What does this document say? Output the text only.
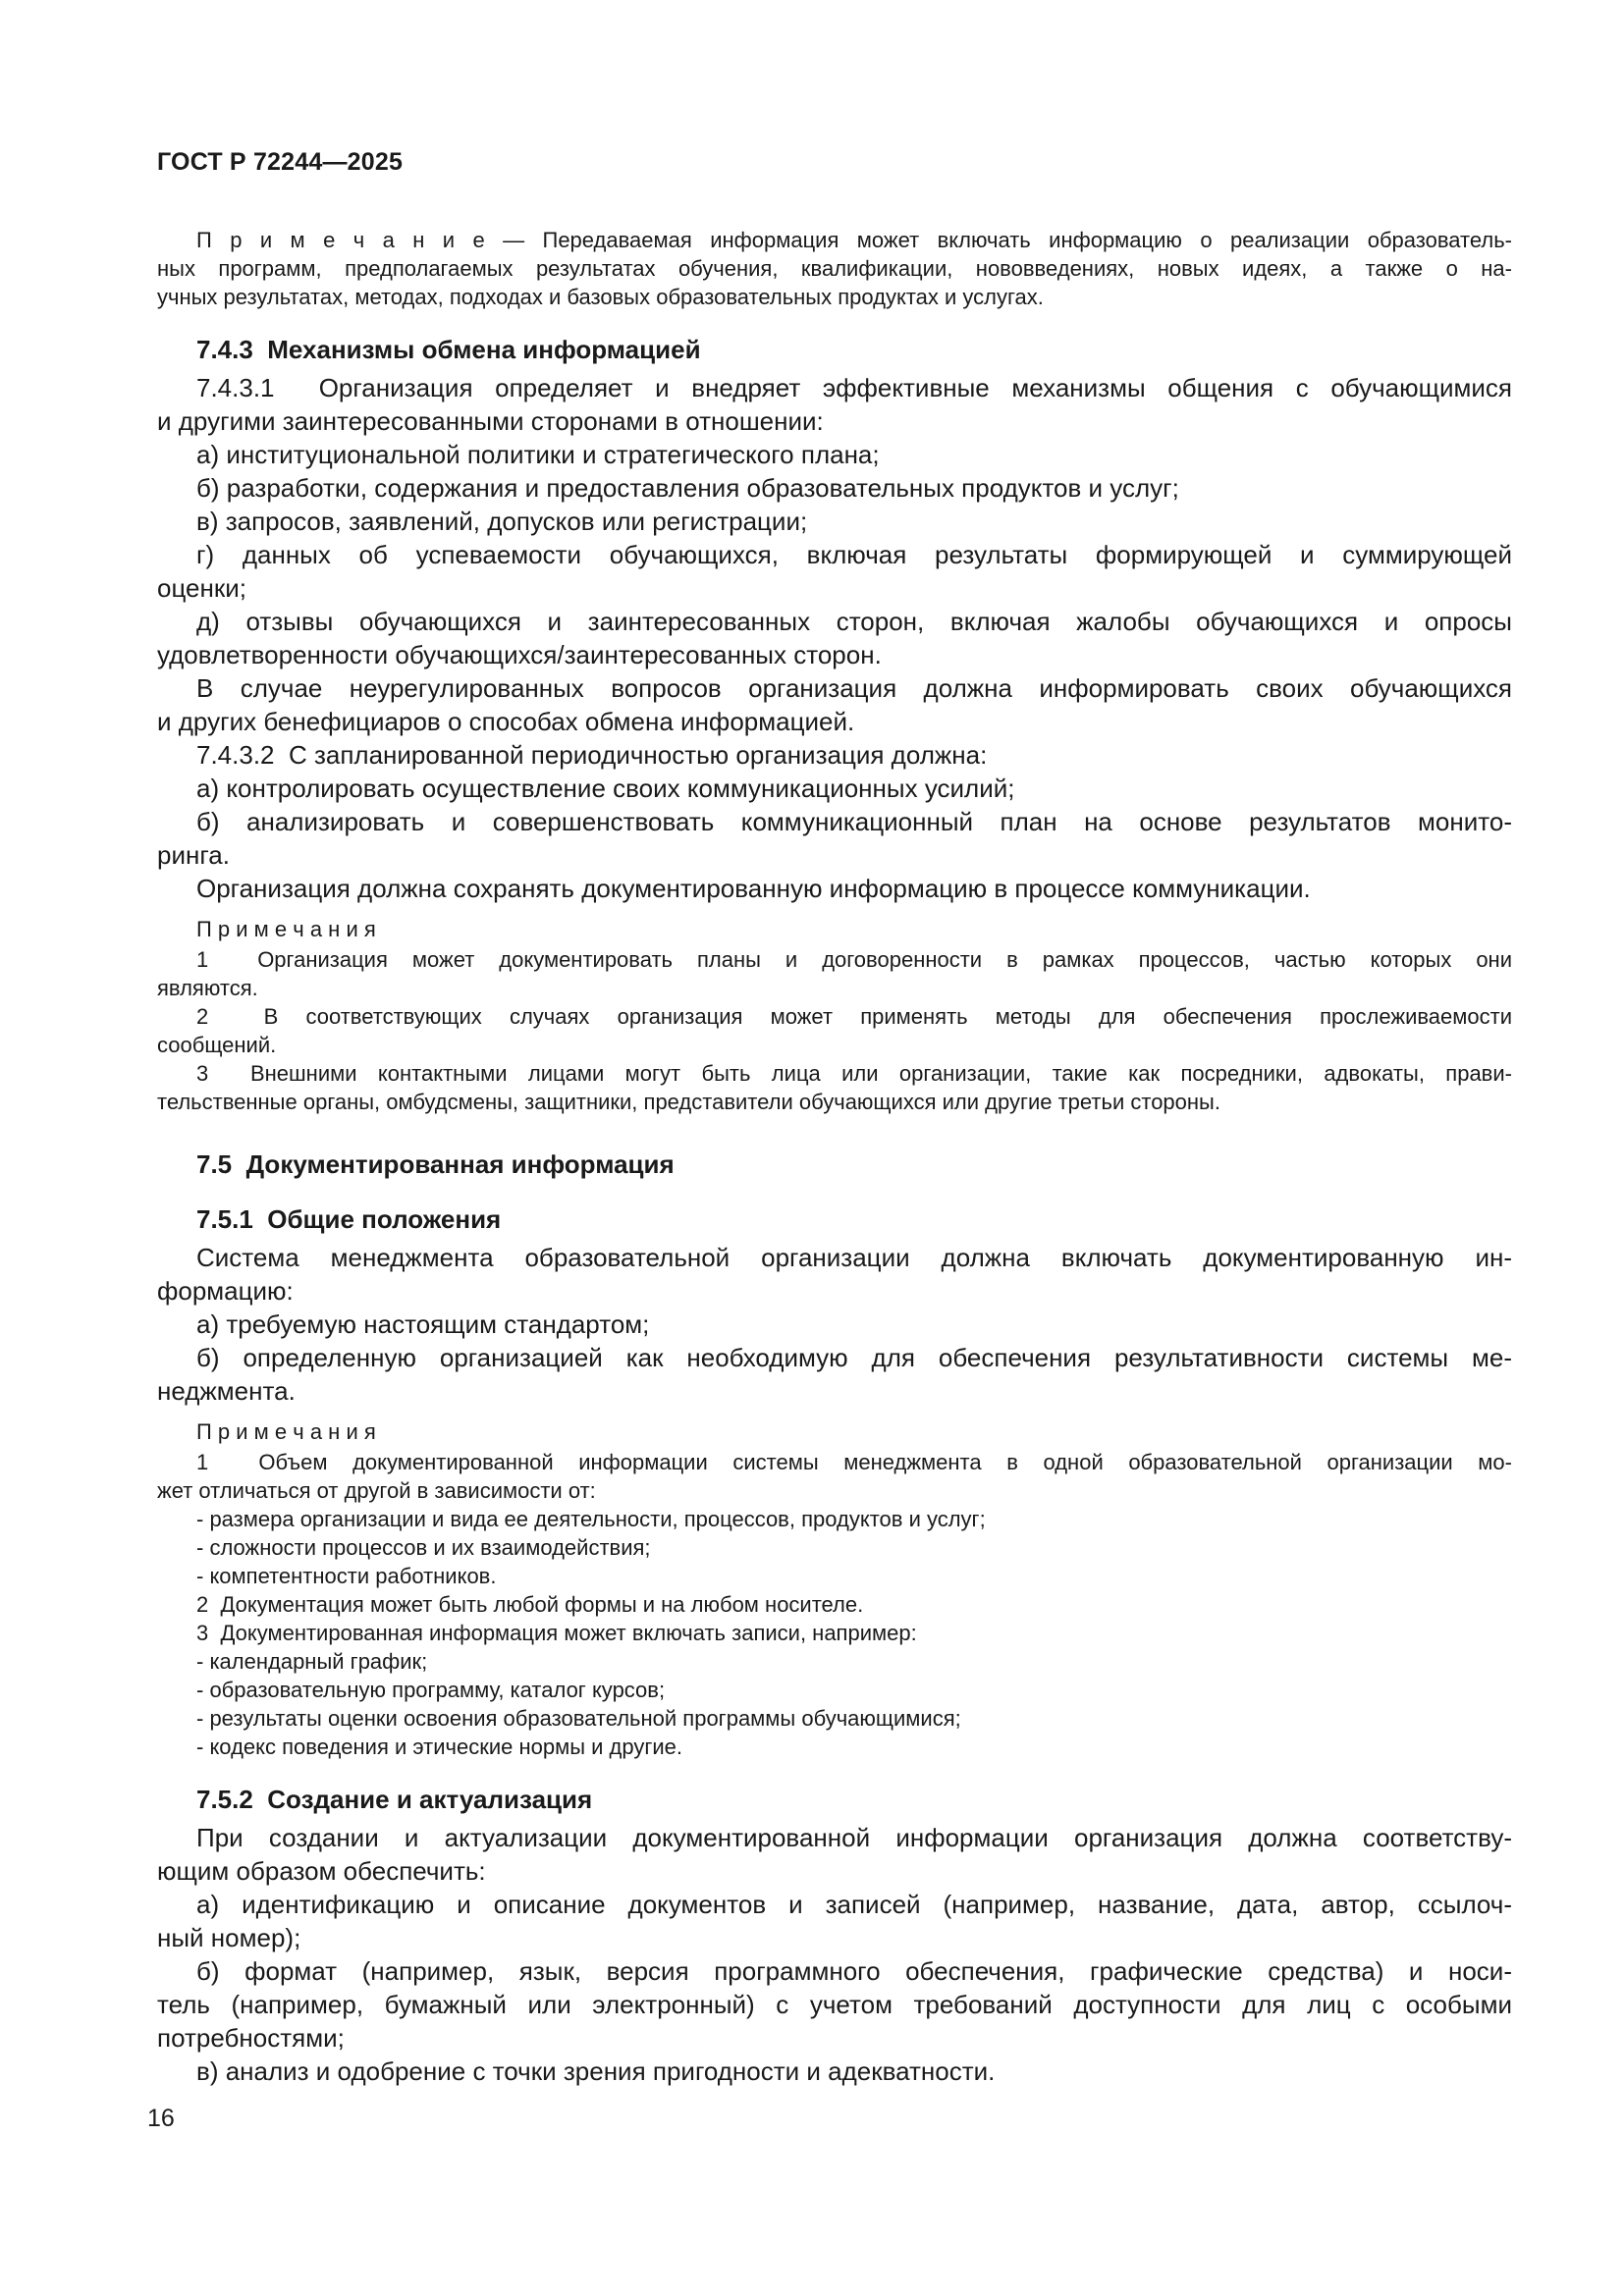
ГОСТ Р 72244—2025
П р и м е ч а н и е — Передаваемая информация может включать информацию о реализации образователь-
ных программ, предполагаемых результатах обучения, квалификации, нововведениях, новых идеях, а также о на-
учных результатах, методах, подходах и базовых образовательных продуктах и услугах.
7.4.3  Механизмы обмена информацией
7.4.3.1  Организация определяет и внедряет эффективные механизмы общения с обучающимися
и другими заинтересованными сторонами в отношении:
а) институциональной политики и стратегического плана;
б) разработки, содержания и предоставления образовательных продуктов и услуг;
в) запросов, заявлений, допусков или регистрации;
г) данных об успеваемости обучающихся, включая результаты формирующей и суммирующей
оценки;
д) отзывы обучающихся и заинтересованных сторон, включая жалобы обучающихся и опросы
удовлетворенности обучающихся/заинтересованных сторон.
В случае неурегулированных вопросов организация должна информировать своих обучающихся
и других бенефициаров о способах обмена информацией.
7.4.3.2  С запланированной периодичностью организация должна:
а) контролировать осуществление своих коммуникационных усилий;
б) анализировать и совершенствовать коммуникационный план на основе результатов монито-
ринга.
Организация должна сохранять документированную информацию в процессе коммуникации.
П р и м е ч а н и я
1  Организация может документировать планы и договоренности в рамках процессов, частью которых они
являются.
2  В соответствующих случаях организация может применять методы для обеспечения прослеживаемости
сообщений.
3  Внешними контактными лицами могут быть лица или организации, такие как посредники, адвокаты, прави-
тельственные органы, омбудсмены, защитники, представители обучающихся или другие третьи стороны.
7.5  Документированная информация
7.5.1  Общие положения
Система менеджмента образовательной организации должна включать документированную ин-
формацию:
а) требуемую настоящим стандартом;
б) определенную организацией как необходимую для обеспечения результативности системы ме-
неджмента.
П р и м е ч а н и я
1  Объем документированной информации системы менеджмента в одной образовательной организации мо-
жет отличаться от другой в зависимости от:
- размера организации и вида ее деятельности, процессов, продуктов и услуг;
- сложности процессов и их взаимодействия;
- компетентности работников.
2  Документация может быть любой формы и на любом носителе.
3  Документированная информация может включать записи, например:
- календарный график;
- образовательную программу, каталог курсов;
- результаты оценки освоения образовательной программы обучающимися;
- кодекс поведения и этические нормы и другие.
7.5.2  Создание и актуализация
При создании и актуализации документированной информации организация должна соответству-
ющим образом обеспечить:
а) идентификацию и описание документов и записей (например, название, дата, автор, ссылоч-
ный номер);
б) формат (например, язык, версия программного обеспечения, графические средства) и носи-
тель (например, бумажный или электронный) с учетом требований доступности для лиц с особыми
потребностями;
в) анализ и одобрение с точки зрения пригодности и адекватности.
16
